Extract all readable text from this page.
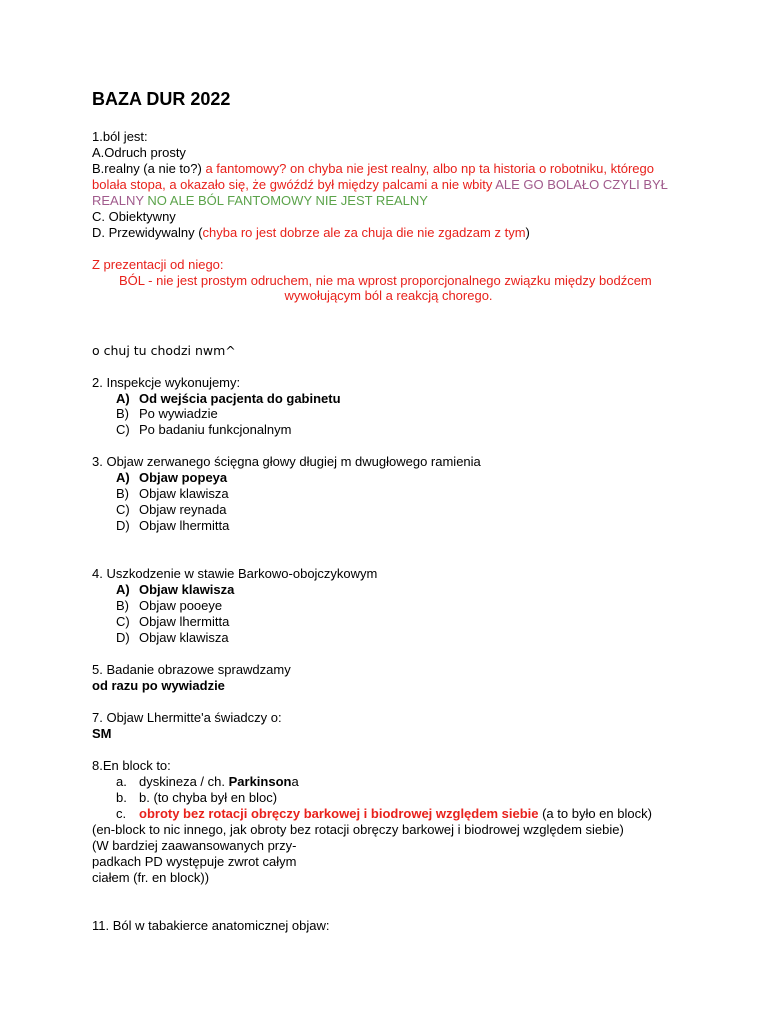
BAZA DUR 2022
1.ból jest:
A.Odruch prosty
B.realny (a nie to?) a fantomowy? on chyba nie jest realny, albo np ta historia o robotniku, którego
bolała stopa, a okazało się, że gwóźdź był między palcami a nie wbity ALE GO BOLAŁO CZYLI BYŁ
REALNY NO ALE BÓL FANTOMOWY NIE JEST REALNY
C. Obiektywny
D. Przewidywalny (chyba ro jest dobrze ale za chuja die nie zgadzam z tym)
Z prezentacji od niego:
BÓL - nie jest prostym odruchem, nie ma wprost proporcjonalnego związku między bodźcem
wywołującym ból a reakcją chorego.
o chuj tu chodzi nwm^
2. Inspekcje wykonujemy:
A) Od wejścia pacjenta do gabinetu
B) Po wywiadzie
C) Po badaniu funkcjonalnym
3. Objaw zerwanego ścięgna głowy długiej m dwugłowego ramienia
A) Objaw popeya
B) Objaw klawisza
C) Objaw reynada
D) Objaw lhermitta
4. Uszkodzenie w stawie Barkowo-obojczykowym
A) Objaw klawisza
B) Objaw pooeye
C) Objaw lhermitta
D) Objaw klawisza
5. Badanie obrazowe sprawdzamy
od razu po wywiadzie
7. Objaw Lhermitte'a świadczy o:
SM
8.En block to:
a. dyskineza / ch. Parkinsona
b. b. (to chyba był en bloc)
c. obroty bez rotacji obręczy barkowej i biodrowej względem siebie (a to było en block)
(en-block to nic innego, jak obroty bez rotacji obręczy barkowej i biodrowej względem siebie)
(W bardziej zaawansowanych przy-
padkach PD występuje zwrot całym
ciałem (fr. en block))
11. Ból w tabakierce anatomicznej objaw:
